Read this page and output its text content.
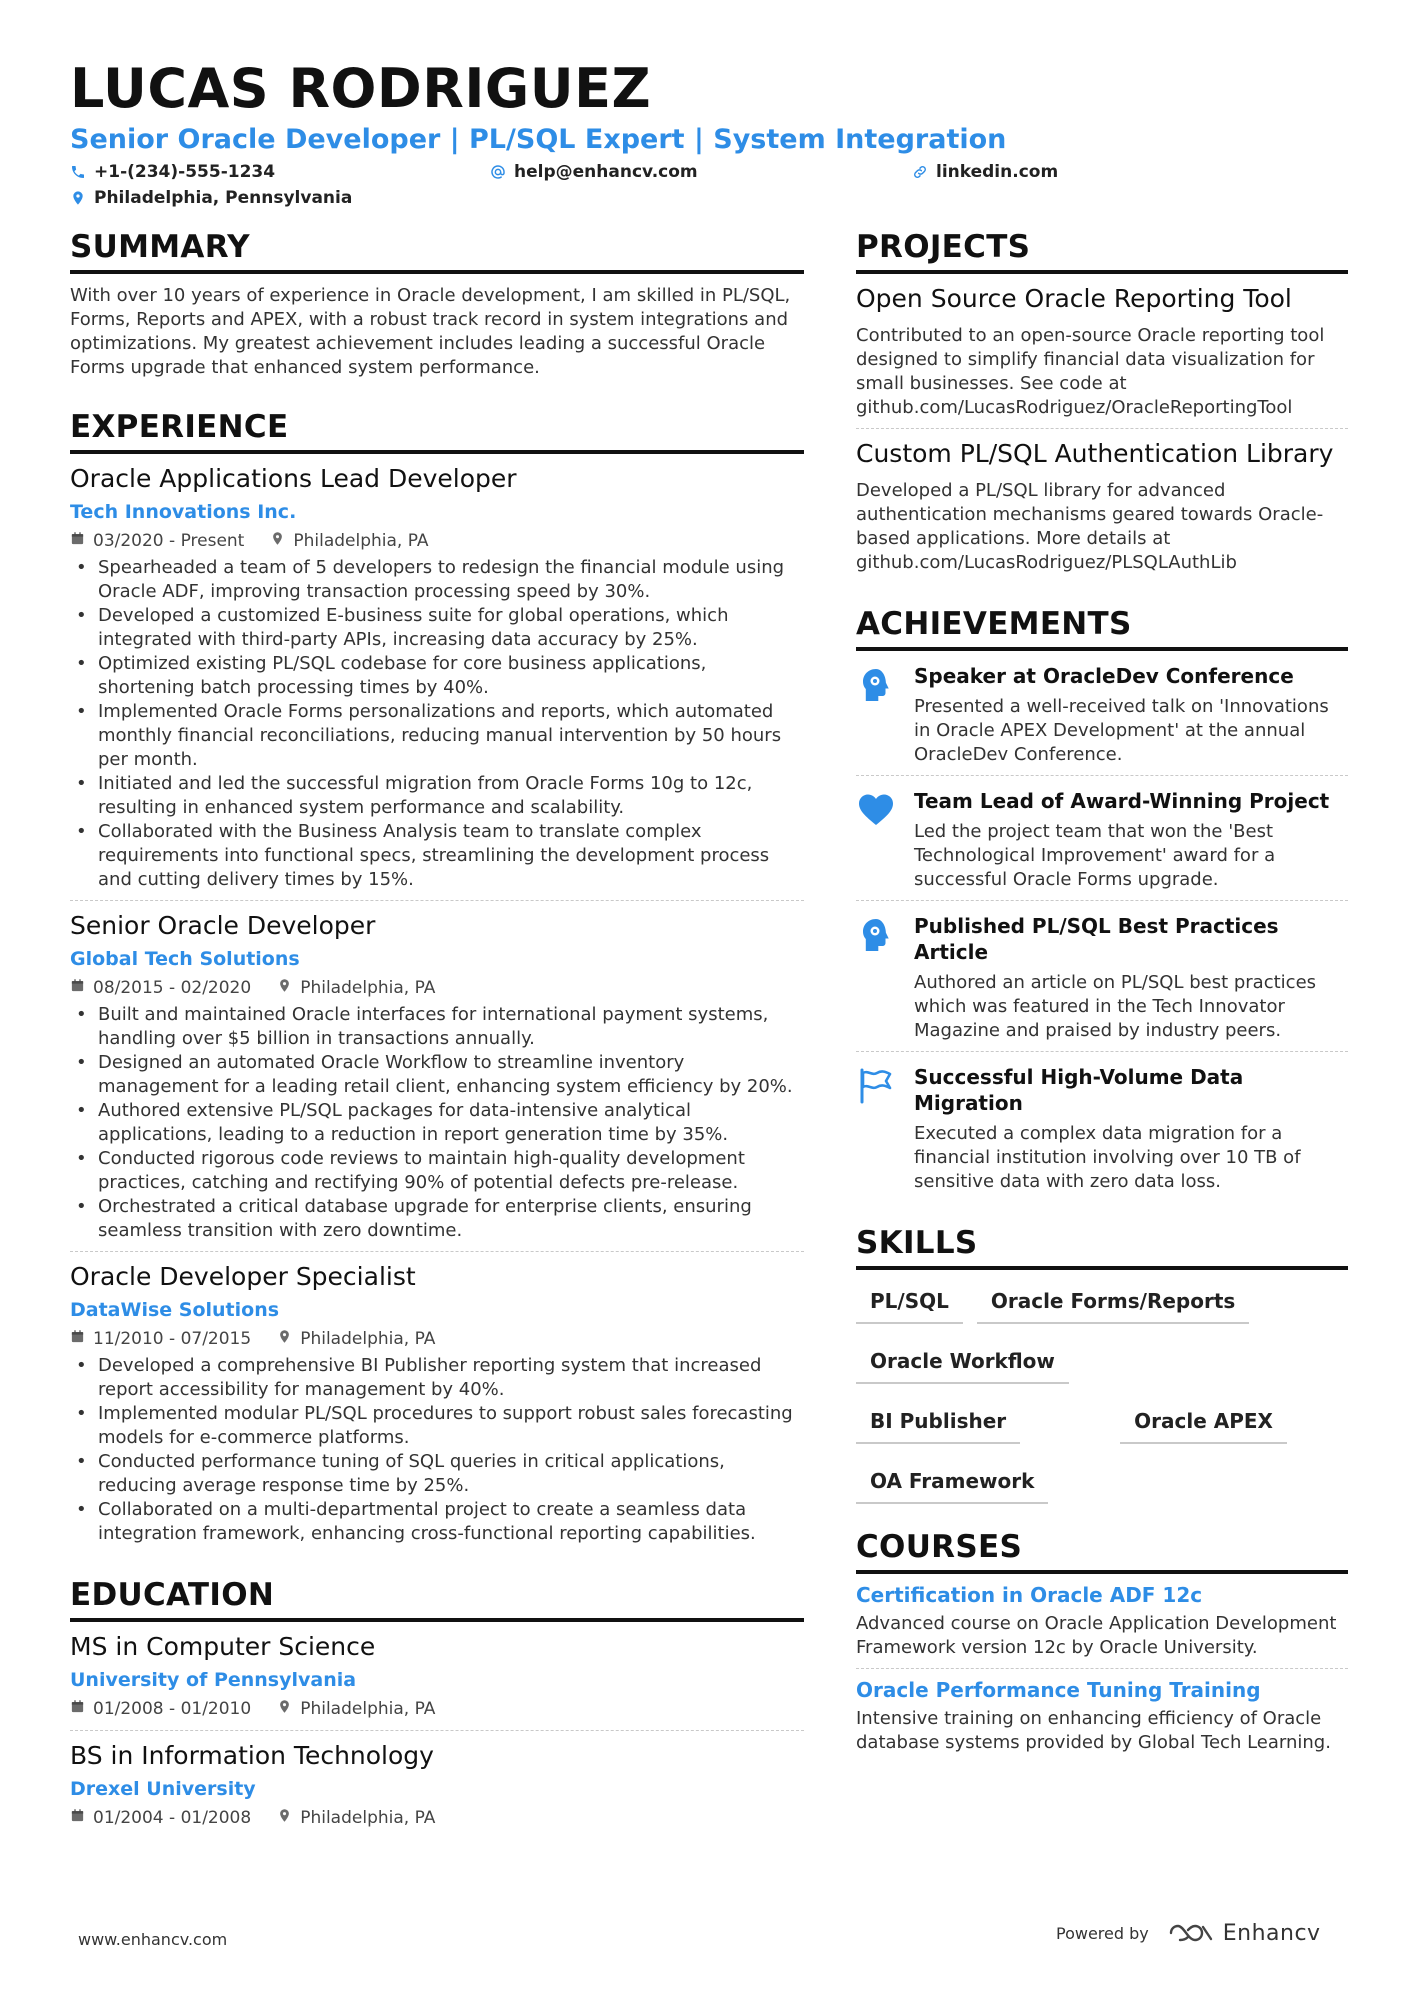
LUCAS RODRIGUEZ
Senior Oracle Developer | PL/SQL Expert | System Integration
+1-(234)-555-1234	help@enhancv.com	linkedin.com
Philadelphia, Pennsylvania
SUMMARY
With over 10 years of experience in Oracle development, I am skilled in PL/SQL, Forms, Reports and APEX, with a robust track record in system integrations and optimizations. My greatest achievement includes leading a successful Oracle Forms upgrade that enhanced system performance.
EXPERIENCE
Oracle Applications Lead Developer
Tech Innovations Inc.
03/2020 - Present	Philadelphia, PA
• Spearheaded a team of 5 developers to redesign the financial module using Oracle ADF, improving transaction processing speed by 30%.
• Developed a customized E-business suite for global operations, which integrated with third-party APIs, increasing data accuracy by 25%.
• Optimized existing PL/SQL codebase for core business applications, shortening batch processing times by 40%.
• Implemented Oracle Forms personalizations and reports, which automated monthly financial reconciliations, reducing manual intervention by 50 hours per month.
• Initiated and led the successful migration from Oracle Forms 10g to 12c, resulting in enhanced system performance and scalability.
• Collaborated with the Business Analysis team to translate complex requirements into functional specs, streamlining the development process and cutting delivery times by 15%.
Senior Oracle Developer
Global Tech Solutions
08/2015 - 02/2020	Philadelphia, PA
• Built and maintained Oracle interfaces for international payment systems, handling over $5 billion in transactions annually.
• Designed an automated Oracle Workflow to streamline inventory management for a leading retail client, enhancing system efficiency by 20%.
• Authored extensive PL/SQL packages for data-intensive analytical applications, leading to a reduction in report generation time by 35%.
• Conducted rigorous code reviews to maintain high-quality development practices, catching and rectifying 90% of potential defects pre-release.
• Orchestrated a critical database upgrade for enterprise clients, ensuring seamless transition with zero downtime.
Oracle Developer Specialist
DataWise Solutions
11/2010 - 07/2015	Philadelphia, PA
• Developed a comprehensive BI Publisher reporting system that increased report accessibility for management by 40%.
• Implemented modular PL/SQL procedures to support robust sales forecasting models for e-commerce platforms.
• Conducted performance tuning of SQL queries in critical applications, reducing average response time by 25%.
• Collaborated on a multi-departmental project to create a seamless data integration framework, enhancing cross-functional reporting capabilities.
EDUCATION
MS in Computer Science
University of Pennsylvania
01/2008 - 01/2010	Philadelphia, PA
BS in Information Technology
Drexel University
01/2004 - 01/2008	Philadelphia, PA
PROJECTS
Open Source Oracle Reporting Tool
Contributed to an open-source Oracle reporting tool designed to simplify financial data visualization for small businesses. See code at github.com/LucasRodriguez/OracleReportingTool
Custom PL/SQL Authentication Library
Developed a PL/SQL library for advanced authentication mechanisms geared towards Oracle-based applications. More details at github.com/LucasRodriguez/PLSQLAuthLib
ACHIEVEMENTS
Speaker at OracleDev Conference
Presented a well-received talk on 'Innovations in Oracle APEX Development' at the annual OracleDev Conference.
Team Lead of Award-Winning Project
Led the project team that won the 'Best Technological Improvement' award for a successful Oracle Forms upgrade.
Published PL/SQL Best Practices Article
Authored an article on PL/SQL best practices which was featured in the Tech Innovator Magazine and praised by industry peers.
Successful High-Volume Data Migration
Executed a complex data migration for a financial institution involving over 10 TB of sensitive data with zero data loss.
SKILLS
PL/SQL	Oracle Forms/Reports
Oracle Workflow
BI Publisher	Oracle APEX
OA Framework
COURSES
Certification in Oracle ADF 12c
Advanced course on Oracle Application Development Framework version 12c by Oracle University.
Oracle Performance Tuning Training
Intensive training on enhancing efficiency of Oracle database systems provided by Global Tech Learning.
www.enhancv.com	Powered by	Enhancv
